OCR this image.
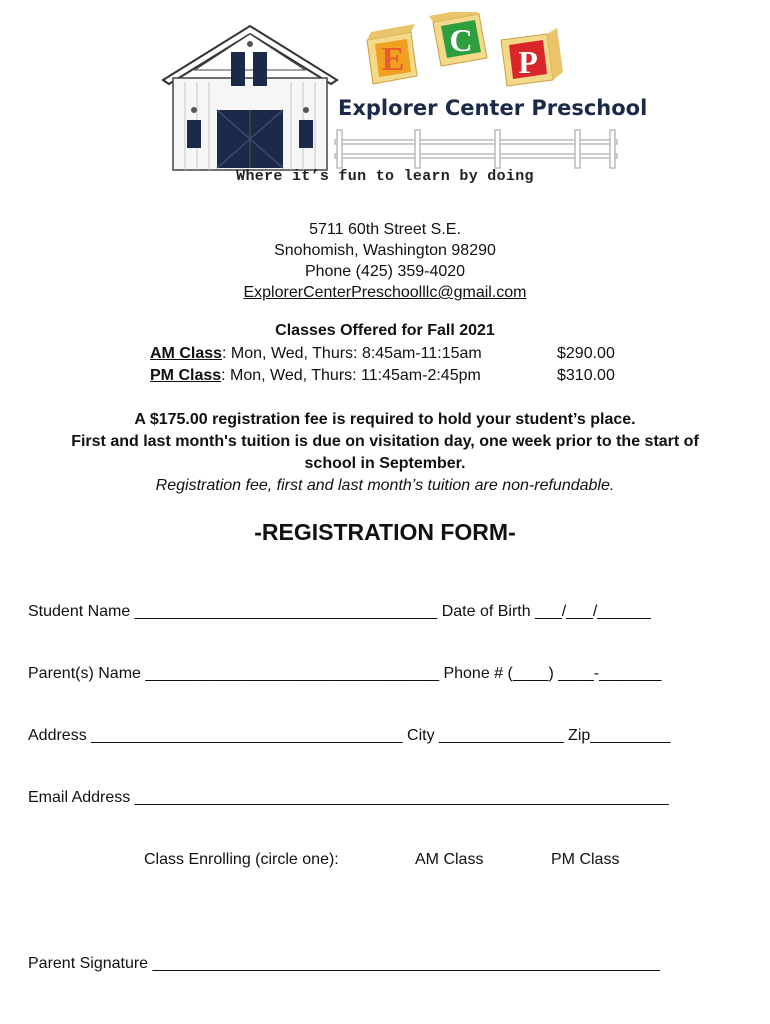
E
C
P
Explorer Center Preschool
Where it’s fun to learn by doing
5711 60th Street S.E.
Snohomish, Washington 98290
Phone (425) 359-4020
ExplorerCenterPreschoolllc@gmail.com
Classes Offered for Fall 2021
AM Class: Mon, Wed, Thurs: 8:45am-11:15am	$290.00
PM Class: Mon, Wed, Thurs: 11:45am-2:45pm	$310.00
A $175.00 registration fee is required to hold your student’s place.
First and last month's tuition is due on visitation day, one week prior to the start of
school in September.
Registration fee, first and last month’s tuition are non-refundable.
-REGISTRATION FORM-
Student Name __________________________________ Date of Birth ___/___/______
Parent(s) Name _________________________________ Phone # (____) ____-_______
Address ___________________________________ City ______________ Zip_________
Email Address ____________________________________________________________
Class Enrolling (circle one):	AM Class	PM Class
Parent Signature _________________________________________________________
